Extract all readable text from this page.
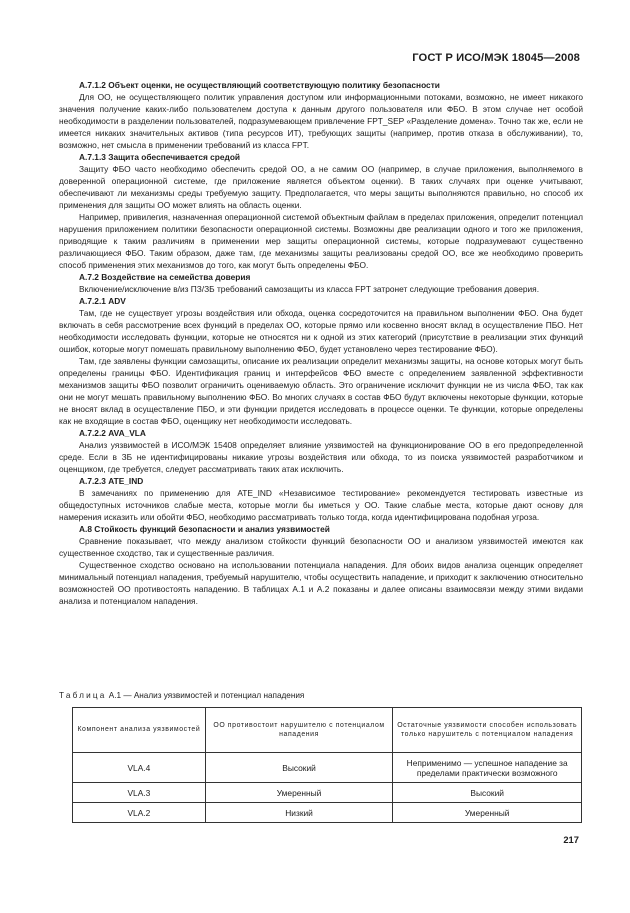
ГОСТ Р ИСО/МЭК 18045—2008

А.7.1.2 Объект оценки, не осуществляющий соответствующую политику безопасности

Для ОО, не осуществляющего политик управления доступом или информационными потоками, возможно, не имеет никакого значения получение каких-либо пользователем доступа к данным другого пользователя или ФБО. В этом случае нет особой необходимости в разделении пользователей, подразумевающем привлечение FPT_SEP «Разделение домена». Точно так же, если не имеется никаких значительных активов (типа ресурсов ИТ), требующих защиты (например, против отказа в обслуживании), то, возможно, нет смысла в применении требований из класса FPT.

А.7.1.3 Защита обеспечивается средой

Защиту ФБО часто необходимо обеспечить средой ОО, а не самим ОО (например, в случае приложения, выполняемого в доверенной операционной системе, где приложение является объектом оценки). В таких случаях при оценке учитывают, обеспечивают ли механизмы среды требуемую защиту. Предполагается, что меры защиты выполняются правильно, но способ их применения для защиты ОО может влиять на область оценки.

Например, привилегия, назначенная операционной системой объектным файлам в пределах приложения, определит потенциал нарушения приложением политики безопасности операционной системы. Возможны две реализации одного и того же приложения, приводящие к таким различиям в применении мер защиты операционной системы, которые подразумевают существенно различающиеся ФБО. Таким образом, даже там, где механизмы защиты реализованы средой ОО, все же необходимо проверить способ применения этих механизмов до того, как могут быть определены ФБО.

А.7.2 Воздействие на семейства доверия

Включение/исключение в/из ПЗ/ЗБ требований самозащиты из класса FPT затронет следующие требования доверия.

А.7.2.1 ADV

Там, где не существует угрозы воздействия или обхода, оценка сосредоточится на правильном выполнении ФБО. Она будет включать в себя рассмотрение всех функций в пределах ОО, которые прямо или косвенно вносят вклад в осуществление ПБО. Нет необходимости исследовать функции, которые не относятся ни к одной из этих категорий (присутствие в реализации этих функций ошибок, которые могут помешать правильному выполнению ФБО, будет установлено через тестирование ФБО).

Там, где заявлены функции самозащиты, описание их реализации определит механизмы защиты, на основе которых могут быть определены границы ФБО. Идентификация границ и интерфейсов ФБО вместе с определением заявленной эффективности механизмов защиты ФБО позволит ограничить оцениваемую область. Это ограничение исключит функции не из числа ФБО, так как они не могут мешать правильному выполнению ФБО. Во многих случаях в состав ФБО будут включены некоторые функции, которые не вносят вклад в осуществление ПБО, и эти функции придется исследовать в процессе оценки. Те функции, которые определены как не входящие в состав ФБО, оценщику нет необходимости исследовать.

А.7.2.2 AVA_VLA

Анализ уязвимостей в ИСО/МЭК 15408 определяет влияние уязвимостей на функционирование ОО в его предопределенной среде. Если в ЗБ не идентифицированы никакие угрозы воздействия или обхода, то из поиска уязвимостей разработчиком и оценщиком, где требуется, следует рассматривать таких атак исключить.

А.7.2.3 ATE_IND

В замечаниях по применению для ATE_IND «Независимое тестирование» рекомендуется тестировать известные из общедоступных источников слабые места, которые могли бы иметься у ОО. Такие слабые места, которые дают основу для намерения исказить или обойти ФБО, необходимо рассматривать только тогда, когда идентифицирована подобная угроза.

А.8 Стойкость функций безопасности и анализ уязвимостей

Сравнение показывает, что между анализом стойкости функций безопасности ОО и анализом уязвимостей имеются как существенное сходство, так и существенные различия.

Существенное сходство основано на использовании потенциала нападения. Для обоих видов анализа оценщик определяет минимальный потенциал нападения, требуемый нарушителю, чтобы осуществить нападение, и приходит к заключению относительно возможностей ОО противостоять нападению. В таблицах А.1 и А.2 показаны и далее описаны взаимосвязи между этими видами анализа и потенциалом нападения.

Таблица А.1 — Анализ уязвимостей и потенциал нападения
Компонент анализа уязвимостей	ОО противостоит нарушителю с потенциалом нападения	Остаточные уязвимости способен использовать только нарушитель с потенциалом нападения
VLA.4	Высокий	Неприменимо — успешное нападение за пределами практически возможного
VLA.3	Умеренный	Высокий
VLA.2	Низкий	Умеренный
217
